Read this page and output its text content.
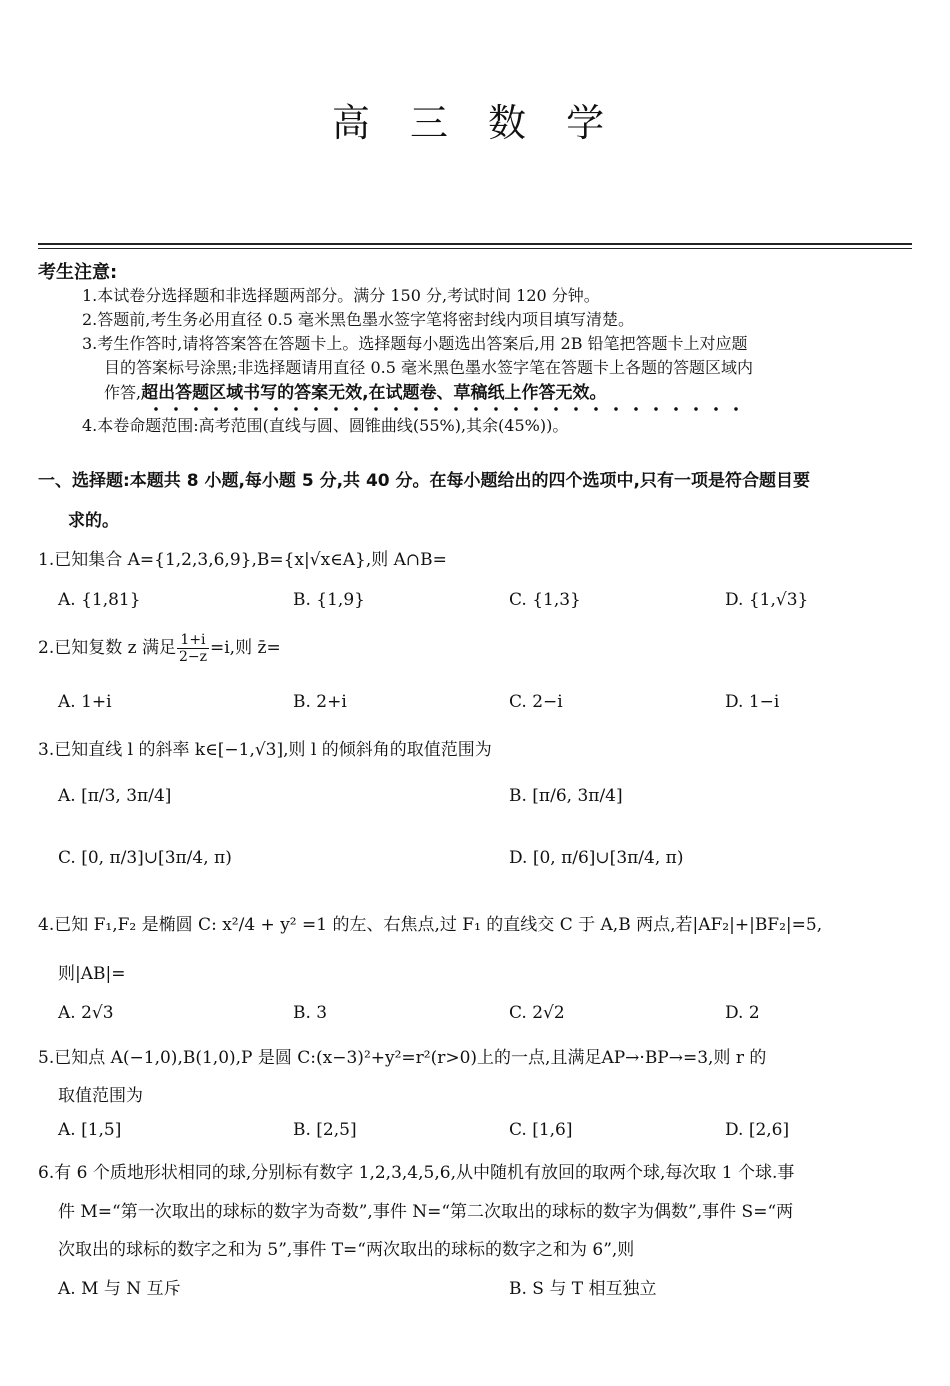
高 三 数 学
考生注意:
1.本试卷分选择题和非选择题两部分。满分 150 分,考试时间 120 分钟。
2.答题前,考生务必用直径 0.5 毫米黑色墨水签字笔将密封线内项目填写清楚。
3.考生作答时,请将答案答在答题卡上。选择题每小题选出答案后,用 2B 铅笔把答题卡上对应题
目的答案标号涂黑;非选择题请用直径 0.5 毫米黑色墨水签字笔在答题卡上各题的答题区域内
作答,超出答题区域书写的答案无效,在试题卷、草稿纸上作答无效。
4.本卷命题范围:高考范围(直线与圆、圆锥曲线(55%),其余(45%))。
一、选择题:本题共 8 小题,每小题 5 分,共 40 分。在每小题给出的四个选项中,只有一项是符合题目要
求的。
1.已知集合 A={1,2,3,6,9},B={x|√x∈A},则 A∩B=
A. {1,81}	B. {1,9}	C. {1,3}	D. {1,√3}
2.已知复数 z 满足 $\frac{1+i}{2-z} =i$,则 z̄=
A. 1+i	B. 2+i	C. 2−i	D. 1−i
3.已知直线 l 的斜率 k∈[−1,√3],则 l 的倾斜角的取值范围为
A. [π/3, 3π/4]	B. [π/6, 3π/4]
C. [0, π/3]∪[3π/4, π)	D. [0, π/6]∪[3π/4, π)
4.已知 F₁,F₂ 是椭圆 C: x²/4 + y² =1 的左、右焦点,过 F₁ 的直线交 C 于 A,B 两点,若|AF₂|+|BF₂|=5,
则|AB|=
A. 2√3	B. 3	C. 2√2	D. 2
5.已知点 A(−1,0),B(1,0),P 是圆 C:(x−3)²+y²=r²(r>0)上的一点,且满足AP→·BP→=3,则 r 的
取值范围为
A. [1,5]	B. [2,5]	C. [1,6]	D. [2,6]
6.有 6 个质地形状相同的球,分别标有数字 1,2,3,4,5,6,从中随机有放回的取两个球,每次取 1 个球.事
件 M=“第一次取出的球标的数字为奇数”,事件 N=“第二次取出的球标的数字为偶数”,事件 S=“两
次取出的球标的数字之和为 5”,事件 T=“两次取出的球标的数字之和为 6”,则
A. M 与 N 互斥	B. S 与 T 相互独立
